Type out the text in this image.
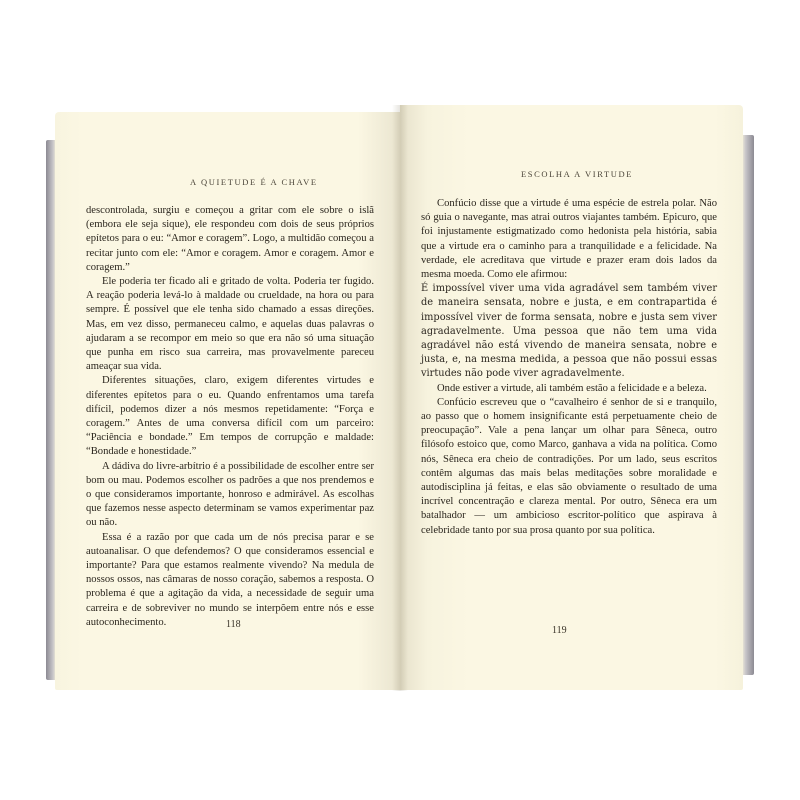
A QUIETUDE É A CHAVE

descontrolada, surgiu e começou a gritar com ele sobre o islã (embora ele seja sique), ele respondeu com dois de seus próprios epítetos para o eu: “Amor e coragem”. Logo, a multidão começou a recitar junto com ele: “Amor e coragem. Amor e coragem. Amor e coragem.”

Ele poderia ter ficado ali e gritado de volta. Poderia ter fugido. A reação poderia levá-lo à maldade ou crueldade, na hora ou para sempre. É possível que ele tenha sido chamado a essas direções. Mas, em vez disso, permaneceu calmo, e aquelas duas palavras o ajudaram a se recompor em meio so que era não só uma situação que punha em risco sua carreira, mas provavelmente pareceu ameaçar sua vida.

Diferentes situações, claro, exigem diferentes virtudes e diferentes epítetos para o eu. Quando enfrentamos uma tarefa difícil, podemos dizer a nós mesmos repetidamente: “Força e coragem.” Antes de uma conversa difícil com um parceiro: “Paciência e bondade.” Em tempos de corrupção e maldade: “Bondade e honestidade.”

A dádiva do livre-arbítrio é a possibilidade de escolher entre ser bom ou mau. Podemos escolher os padrões a que nos prendemos e o que consideramos importante, honroso e admirável. As escolhas que fazemos nesse aspecto determinam se vamos experimentar paz ou não.

Essa é a razão por que cada um de nós precisa parar e se autoanalisar. O que defendemos? O que consideramos essencial e importante? Para que estamos realmente vivendo? Na medula de nossos ossos, nas câmaras de nosso coração, sabemos a resposta. O problema é que a agitação da vida, a necessidade de seguir uma carreira e de sobreviver no mundo se interpõem entre nós e esse autoconhecimento.	118
ESCOLHA A VIRTUDE

Confúcio disse que a virtude é uma espécie de estrela polar. Não só guia o navegante, mas atrai outros viajantes também. Epicuro, que foi injustamente estigmatizado como hedonista pela história, sabia que a virtude era o caminho para a tranquilidade e a felicidade. Na verdade, ele acreditava que virtude e prazer eram dois lados da mesma moeda. Como ele afirmou:

É impossível viver uma vida agradável sem também viver de maneira sensata, nobre e justa, e em contrapartida é impossível viver de forma sensata, nobre e justa sem viver agradavelmente. Uma pessoa que não tem uma vida agradável não está vivendo de maneira sensata, nobre e justa, e, na mesma medida, a pessoa que não possui essas virtudes não pode viver agradavelmente.

Onde estiver a virtude, ali também estão a felicidade e a beleza.

Confúcio escreveu que o “cavalheiro é senhor de si e tranquilo, ao passo que o homem insignificante está perpetuamente cheio de preocupação”. Vale a pena lançar um olhar para Sêneca, outro filósofo estoico que, como Marco, ganhava a vida na política. Como nós, Sêneca era cheio de contradições. Por um lado, seus escritos contêm algumas das mais belas meditações sobre moralidade e autodisciplina já feitas, e elas são obviamente o resultado de uma incrível concentração e clareza mental. Por outro, Sêneca era um batalhador — um ambicioso escritor-político que aspirava à celebridade tanto por sua prosa quanto por sua política.

119
